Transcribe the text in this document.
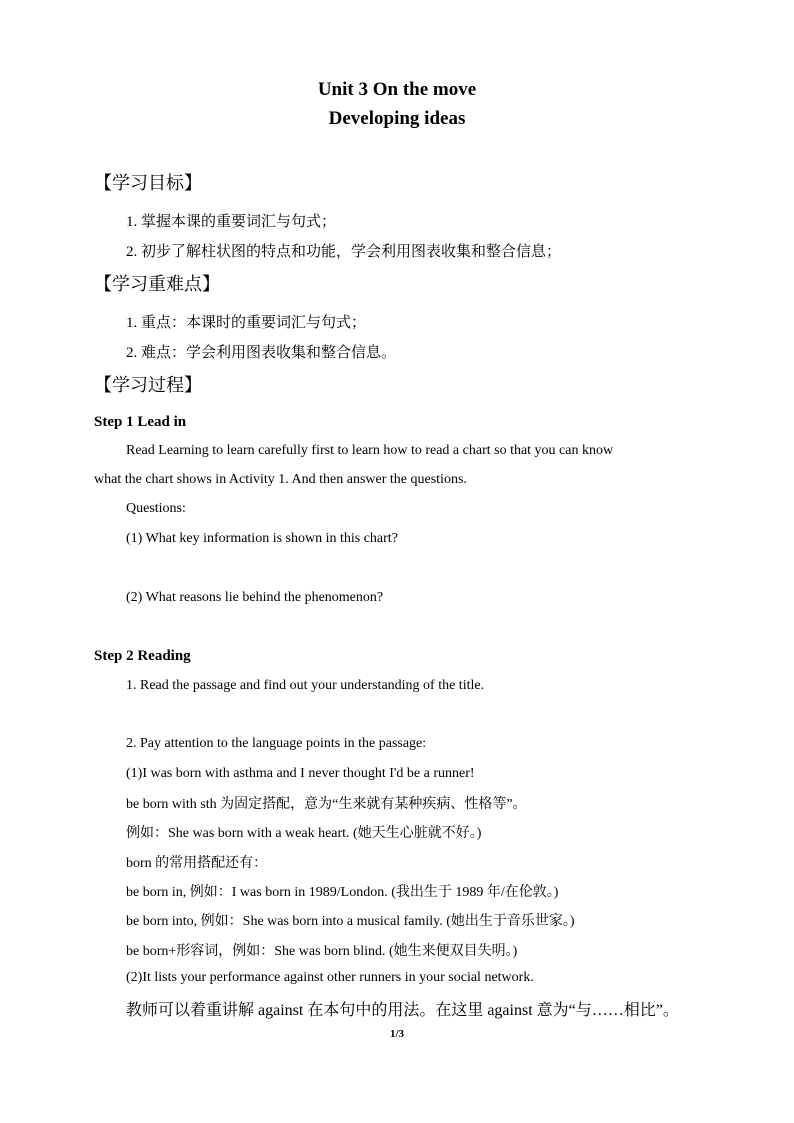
Unit 3 On the move
Developing ideas
【学习目标】
1. 掌握本课的重要词汇与句式；
2. 初步了解柱状图的特点和功能，学会利用图表收集和整合信息；
【学习重难点】
1. 重点：本课时的重要词汇与句式；
2. 难点：学会利用图表收集和整合信息。
【学习过程】
Step 1 Lead in
Read Learning to learn carefully first to learn how to read a chart so that you can know
what the chart shows in Activity 1. And then answer the questions.
Questions:
(1) What key information is shown in this chart?
(2) What reasons lie behind the phenomenon?
Step 2 Reading
1. Read the passage and find out your understanding of the title.
2. Pay attention to the language points in the passage:
(1)I was born with asthma and I never thought I'd be a runner!
be born with sth 为固定搭配，意为“生来就有某种疾病、性格等”。
例如：She was born with a weak heart. (她天生心脏就不好。)
born 的常用搭配还有：
be born in, 例如：I was born in 1989/London. (我出生于 1989 年/在伦敦。)
be born into, 例如：She was born into a musical family. (她出生于音乐世家。)
be born+形容词，例如：She was born blind. (她生来便双目失明。)
(2)It lists your performance against other runners in your social network.
教师可以着重讲解 against 在本句中的用法。在这里 against 意为“与……相比”。
1/3
